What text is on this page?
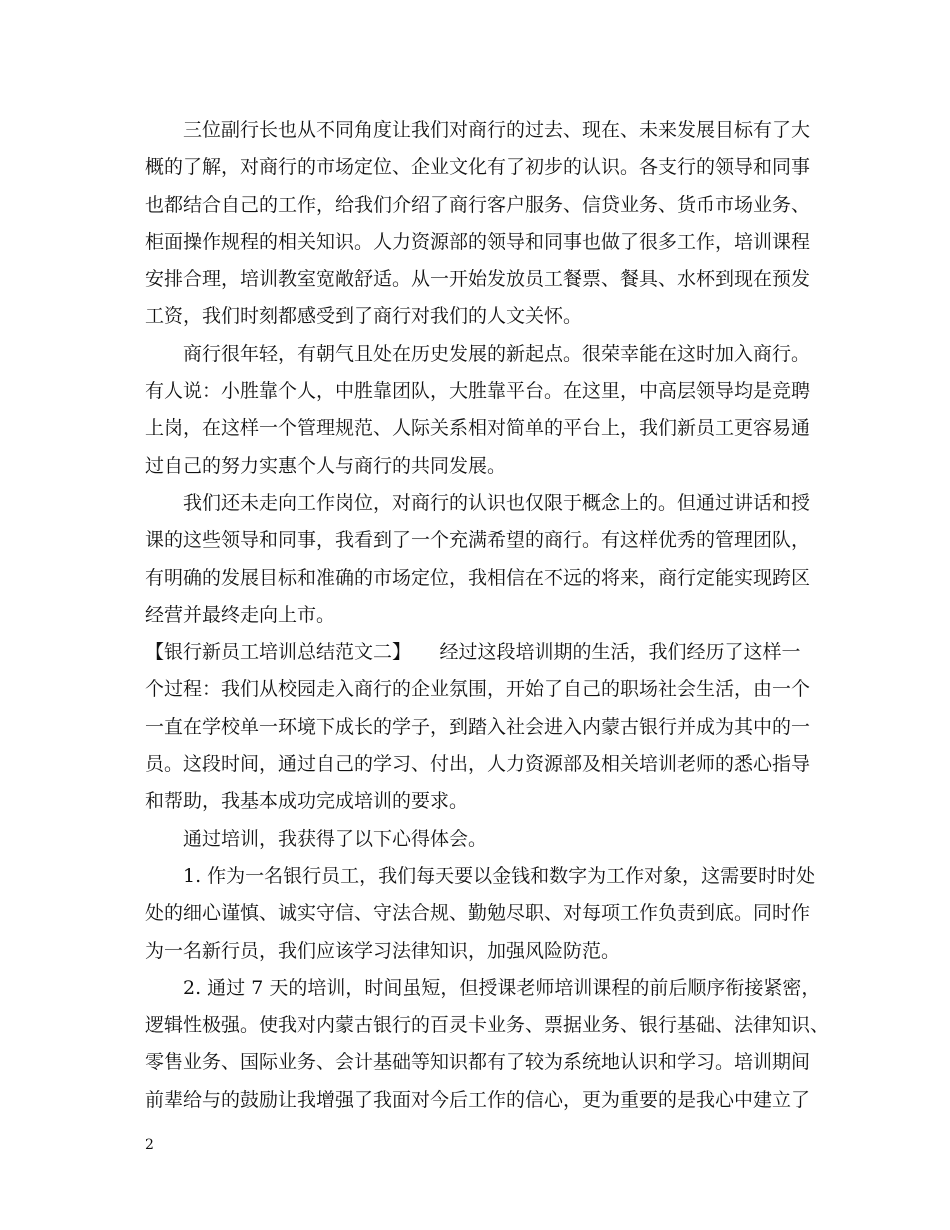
三位副行长也从不同角度让我们对商行的过去、现在、未来发展目标有了大
概的了解，对商行的市场定位、企业文化有了初步的认识。各支行的领导和同事
也都结合自己的工作，给我们介绍了商行客户服务、信贷业务、货币市场业务、
柜面操作规程的相关知识。人力资源部的领导和同事也做了很多工作，培训课程
安排合理，培训教室宽敞舒适。从一开始发放员工餐票、餐具、水杯到现在预发
工资，我们时刻都感受到了商行对我们的人文关怀。
商行很年轻，有朝气且处在历史发展的新起点。很荣幸能在这时加入商行。
有人说：小胜靠个人，中胜靠团队，大胜靠平台。在这里，中高层领导均是竞聘
上岗，在这样一个管理规范、人际关系相对简单的平台上，我们新员工更容易通
过自己的努力实惠个人与商行的共同发展。
我们还未走向工作岗位，对商行的认识也仅限于概念上的。但通过讲话和授
课的这些领导和同事，我看到了一个充满希望的商行。有这样优秀的管理团队，
有明确的发展目标和准确的市场定位，我相信在不远的将来，商行定能实现跨区
经营并最终走向上市。
【银行新员工培训总结范文二】　　经过这段培训期的生活，我们经历了这样一
个过程：我们从校园走入商行的企业氛围，开始了自己的职场社会生活，由一个
一直在学校单一环境下成长的学子，到踏入社会进入内蒙古银行并成为其中的一
员。这段时间，通过自己的学习、付出，人力资源部及相关培训老师的悉心指导
和帮助，我基本成功完成培训的要求。
通过培训，我获得了以下心得体会。
1. 作为一名银行员工，我们每天要以金钱和数字为工作对象，这需要时时处
处的细心谨慎、诚实守信、守法合规、勤勉尽职、对每项工作负责到底。同时作
为一名新行员，我们应该学习法律知识，加强风险防范。
2. 通过 7 天的培训，时间虽短，但授课老师培训课程的前后顺序衔接紧密，
逻辑性极强。使我对内蒙古银行的百灵卡业务、票据业务、银行基础、法律知识、
零售业务、国际业务、会计基础等知识都有了较为系统地认识和学习。培训期间
前辈给与的鼓励让我增强了我面对今后工作的信心，更为重要的是我心中建立了
2
